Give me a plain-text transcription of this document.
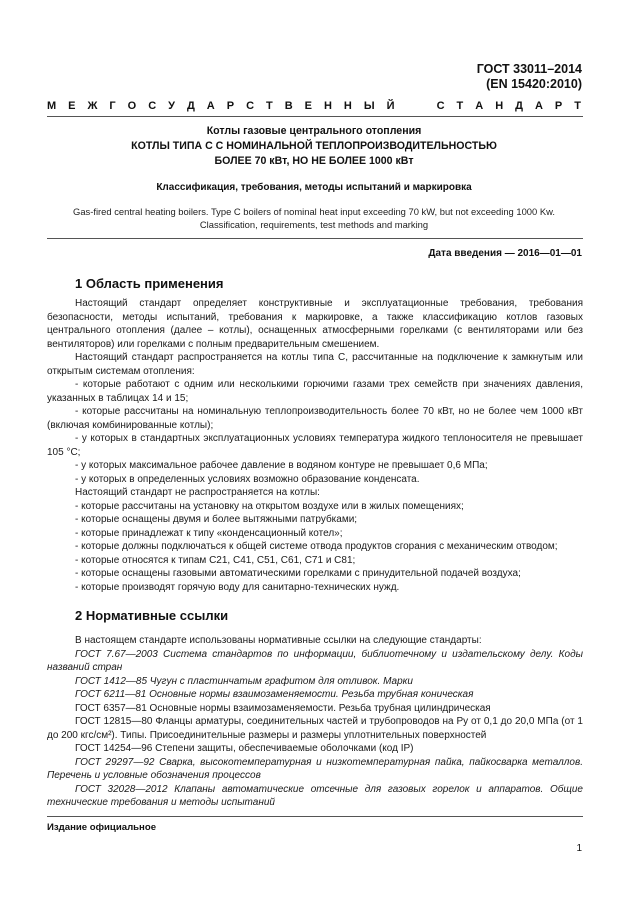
ГОСТ 33011–2014
(EN 15420:2010)
М Е Ж Г О С У Д А Р С Т В Е Н Н Ы Й

	С Т А Н Д А Р Т
Котлы газовые центрального отопления
КОТЛЫ ТИПА С С НОМИНАЛЬНОЙ ТЕПЛОПРОИЗВОДИТЕЛЬНОСТЬЮ
БОЛЕЕ 70 кВт, НО НЕ БОЛЕЕ 1000 кВт
Классификация, требования, методы испытаний и маркировка
Gas-fired central heating boilers. Type C boilers of nominal heat input exceeding 70 kW, but not exceeding 1000 Kw.
Classification, requirements, test methods and marking
Дата введения — 2016—01—01
1 Область применения

Настоящий стандарт определяет конструктивные и эксплуатационные требования, требования безопасности, методы испытаний, требования к маркировке, а также классификацию котлов газовых центрального отопления (далее – котлы), оснащенных атмосферными горелками (с вентиляторами или без вентиляторов) или горелками с полным предварительным смешением.

Настоящий стандарт распространяется на котлы типа С, рассчитанные на подключение к замкнутым или открытым системам отопления:

- которые работают с одним или несколькими горючими газами трех семейств при значениях давления, указанных в таблицах 14 и 15;

- которые рассчитаны на номинальную теплопроизводительность более 70 кВт, но не более чем 1000 кВт (включая комбинированные котлы);

- у которых в стандартных эксплуатационных условиях температура жидкого теплоносителя не превышает 105 °С;

- у которых максимальное рабочее давление в водяном контуре не превышает 0,6 МПа;

- у которых в определенных условиях возможно образование конденсата.

Настоящий стандарт не распространяется на котлы:

- которые рассчитаны на установку на открытом воздухе или в жилых помещениях;

- которые оснащены двумя и более вытяжными патрубками;

- которые принадлежат к типу «конденсационный котел»;

- которые должны подключаться к общей системе отвода продуктов сгорания с механическим отводом;

- которые относятся к типам С21, С41, С51, С61, С71 и С81;

- которые оснащены газовыми автоматическими горелками с принудительной подачей воздуха;

- которые производят горячую воду для санитарно-технических нужд.

2 Нормативные ссылки

В настоящем стандарте использованы нормативные ссылки на следующие стандарты:

ГОСТ 7.67—2003 Система стандартов по информации, библиотечному и издательскому делу. Коды названий стран

ГОСТ 1412—85 Чугун с пластинчатым графитом для отливок. Марки

ГОСТ 6211—81 Основные нормы взаимозаменяемости. Резьба трубная коническая

ГОСТ 6357—81 Основные нормы взаимозаменяемости. Резьба трубная цилиндрическая

ГОСТ 12815—80 Фланцы арматуры, соединительных частей и трубопроводов на Ру от 0,1 до 20,0 МПа (от 1 до 200 кгс/см²). Типы. Присоединительные размеры и размеры уплотнительных поверхностей

ГОСТ 14254—96 Степени защиты, обеспечиваемые оболочками (код IP)

ГОСТ 29297—92 Сварка, высокотемпературная и низкотемпературная пайка, пайкосварка металлов. Перечень и условные обозначения процессов

ГОСТ 32028—2012 Клапаны автоматические отсечные для газовых горелок и аппаратов. Общие технические требования и методы испытаний

Издание официальное
1
